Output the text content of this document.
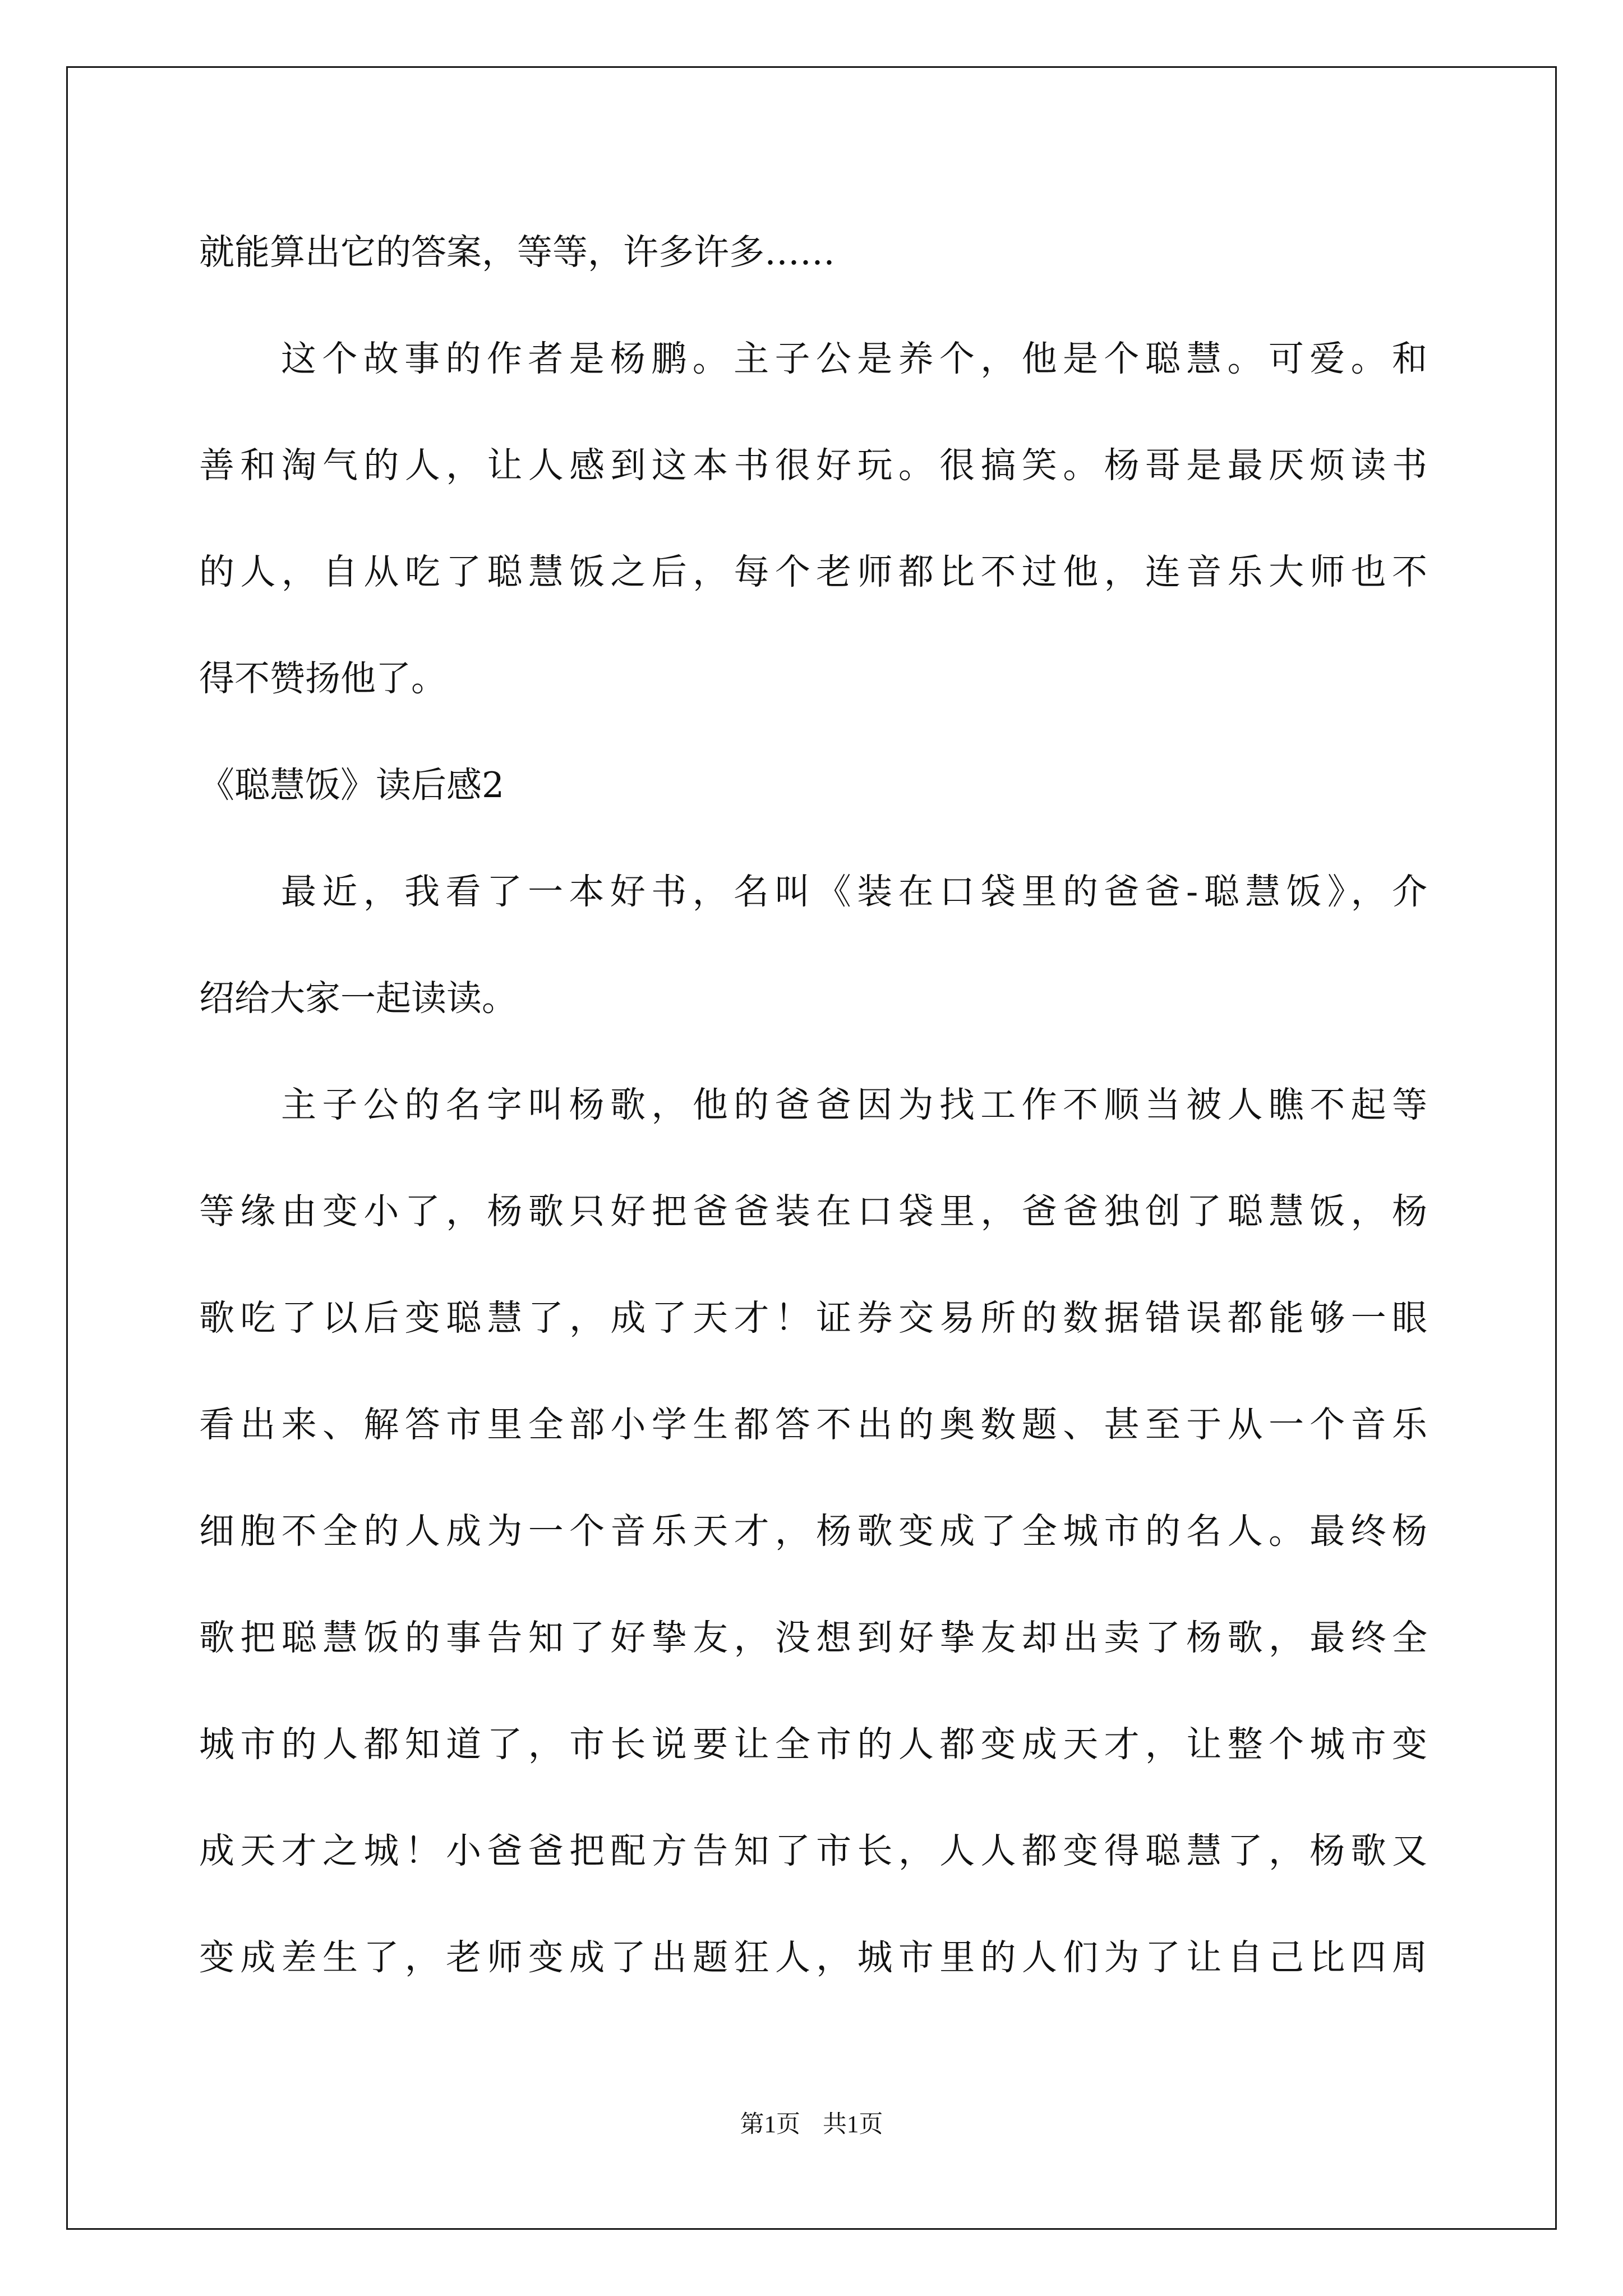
就能算出它的答案，等等，许多许多……
这个故事的作者是杨鹏。主子公是养个，他是个聪慧。可爱。和
善和淘气的人，让人感到这本书很好玩。很搞笑。杨哥是最厌烦读书
的人，自从吃了聪慧饭之后，每个老师都比不过他，连音乐大师也不
得不赞扬他了。
《聪慧饭》读后感2
最近，我看了一本好书，名叫《装在口袋里的爸爸-聪慧饭》，介
绍给大家一起读读。
主子公的名字叫杨歌，他的爸爸因为找工作不顺当被人瞧不起等
等缘由变小了，杨歌只好把爸爸装在口袋里，爸爸独创了聪慧饭，杨
歌吃了以后变聪慧了，成了天才！证券交易所的数据错误都能够一眼
看出来、解答市里全部小学生都答不出的奥数题、甚至于从一个音乐
细胞不全的人成为一个音乐天才，杨歌变成了全城市的名人。最终杨
歌把聪慧饭的事告知了好挚友，没想到好挚友却出卖了杨歌，最终全
城市的人都知道了，市长说要让全市的人都变成天才，让整个城市变
成天才之城！小爸爸把配方告知了市长，人人都变得聪慧了，杨歌又
变成差生了，老师变成了出题狂人，城市里的人们为了让自己比四周
第1页 共1页
